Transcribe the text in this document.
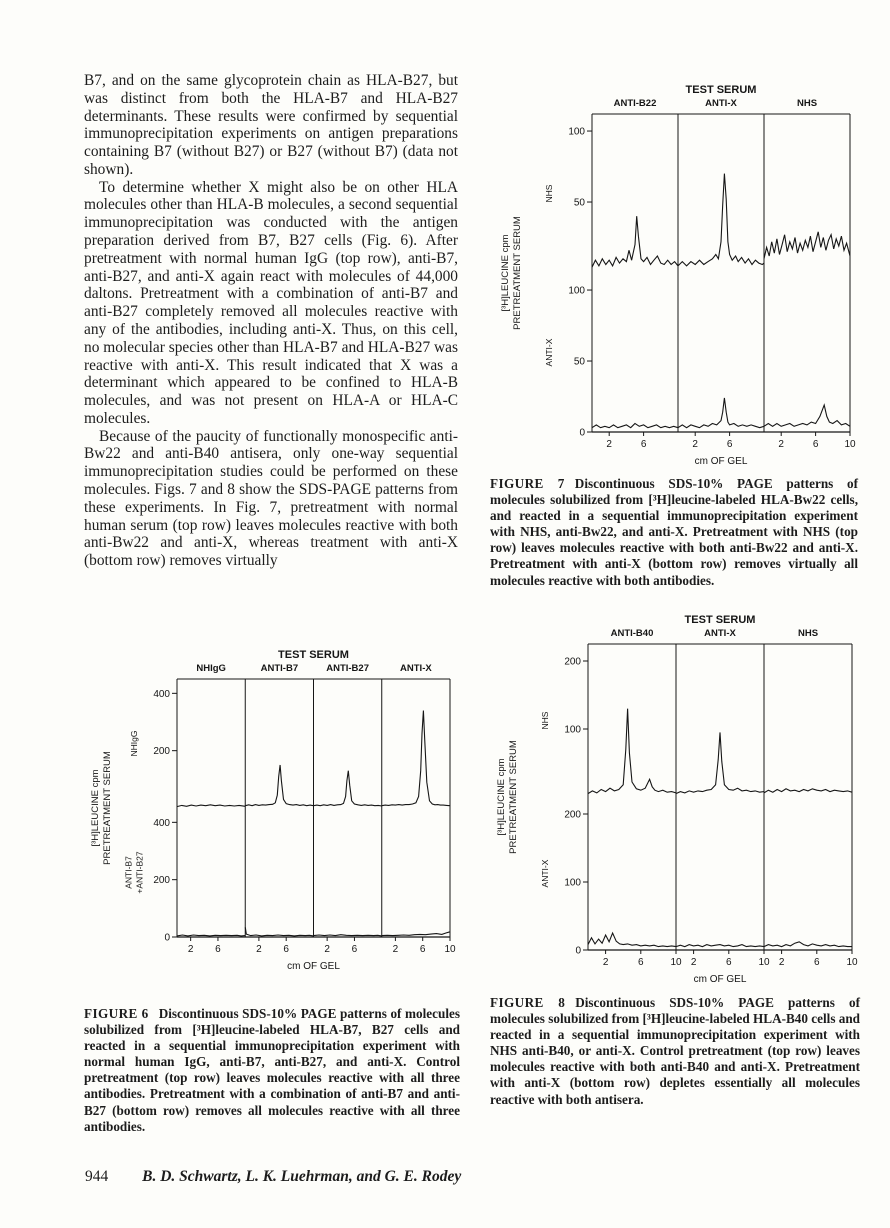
B7, and on the same glycoprotein chain as HLA-B27, but was distinct from both the HLA-B7 and HLA-B27 determinants. These results were confirmed by sequential immunoprecipitation experiments on antigen preparations containing B7 (without B27) or B27 (without B7) (data not shown).

To determine whether X might also be on other HLA molecules other than HLA-B molecules, a second sequential immunoprecipitation was conducted with the antigen preparation derived from B7, B27 cells (Fig. 6). After pretreatment with normal human IgG (top row), anti-B7, anti-B27, and anti-X again react with molecules of 44,000 daltons. Pretreatment with a combination of anti-B7 and anti-B27 completely removed all molecules reactive with any of the antibodies, including anti-X. Thus, on this cell, no molecular species other than HLA-B7 and HLA-B27 was reactive with anti-X. This result indicated that X was a determinant which appeared to be confined to HLA-B molecules, and was not present on HLA-A or HLA-C molecules.

Because of the paucity of functionally monospecific anti-Bw22 and anti-B40 antisera, only one-way sequential immunoprecipitation studies could be performed on these molecules. Figs. 7 and 8 show the SDS-PAGE patterns from these experiments. In Fig. 7, pretreatment with normal human serum (top row) leaves molecules reactive with both anti-Bw22 and anti-X, whereas treatment with anti-X (bottom row) removes virtually

TEST SERUM
ANTI-B22	ANTI-X	NHS
[³H]LEUCINE cpm PRETREATMENT SERUM
100
50
NHS
100
50
0
ANTI-X
2	6	2	6	2	6	10
cm OF GEL
FIGURE 7 Discontinuous SDS-10% PAGE patterns of molecules solubilized from [³H]leucine-labeled HLA-Bw22 cells, and reacted in a sequential immunoprecipitation experiment with NHS, anti-Bw22, and anti-X. Pretreatment with NHS (top row) leaves molecules reactive with both anti-Bw22 and anti-X. Pretreatment with anti-X (bottom row) removes virtually all molecules reactive with both antibodies.
TEST SERUM
NHIgG	ANTI-B7	ANTI-B27	ANTI-X
[³H]LEUCINE cpm PRETREATMENT SERUM
400
200
NHIgG
400
200
0
ANTI-B7 +ANTI-B27
2 6	2 6	2 6	2 6 10
cm OF GEL
FIGURE 6 Discontinuous SDS-10% PAGE patterns of molecules solubilized from [³H]leucine-labeled HLA-B7, B27 cells and reacted in a sequential immunoprecipitation experiment with normal human IgG, anti-B7, anti-B27, and anti-X. Control pretreatment (top row) leaves molecules reactive with all three antibodies. Pretreatment with a combination of anti-B7 and anti-B27 (bottom row) removes all molecules reactive with all three antibodies.
TEST SERUM
ANTI-B40	ANTI-X	NHS
[³H]LEUCINE cpm PRETREATMENT SERUM
200
100
NHS
200
100
0
ANTI-X
2	6	10 2	6	10 2	6	10
cm OF GEL
FIGURE 8 Discontinuous SDS-10% PAGE patterns of molecules solubilized from [³H]leucine-labeled HLA-B40 cells and reacted in a sequential immunoprecipitation experiment with NHS anti-B40, or anti-X. Control pretreatment (top row) leaves molecules reactive with both anti-B40 and anti-X. Pretreatment with anti-X (bottom row) depletes essentially all molecules reactive with both antisera.
944 B. D. Schwartz, L. K. Luehrman, and G. E. Rodey
